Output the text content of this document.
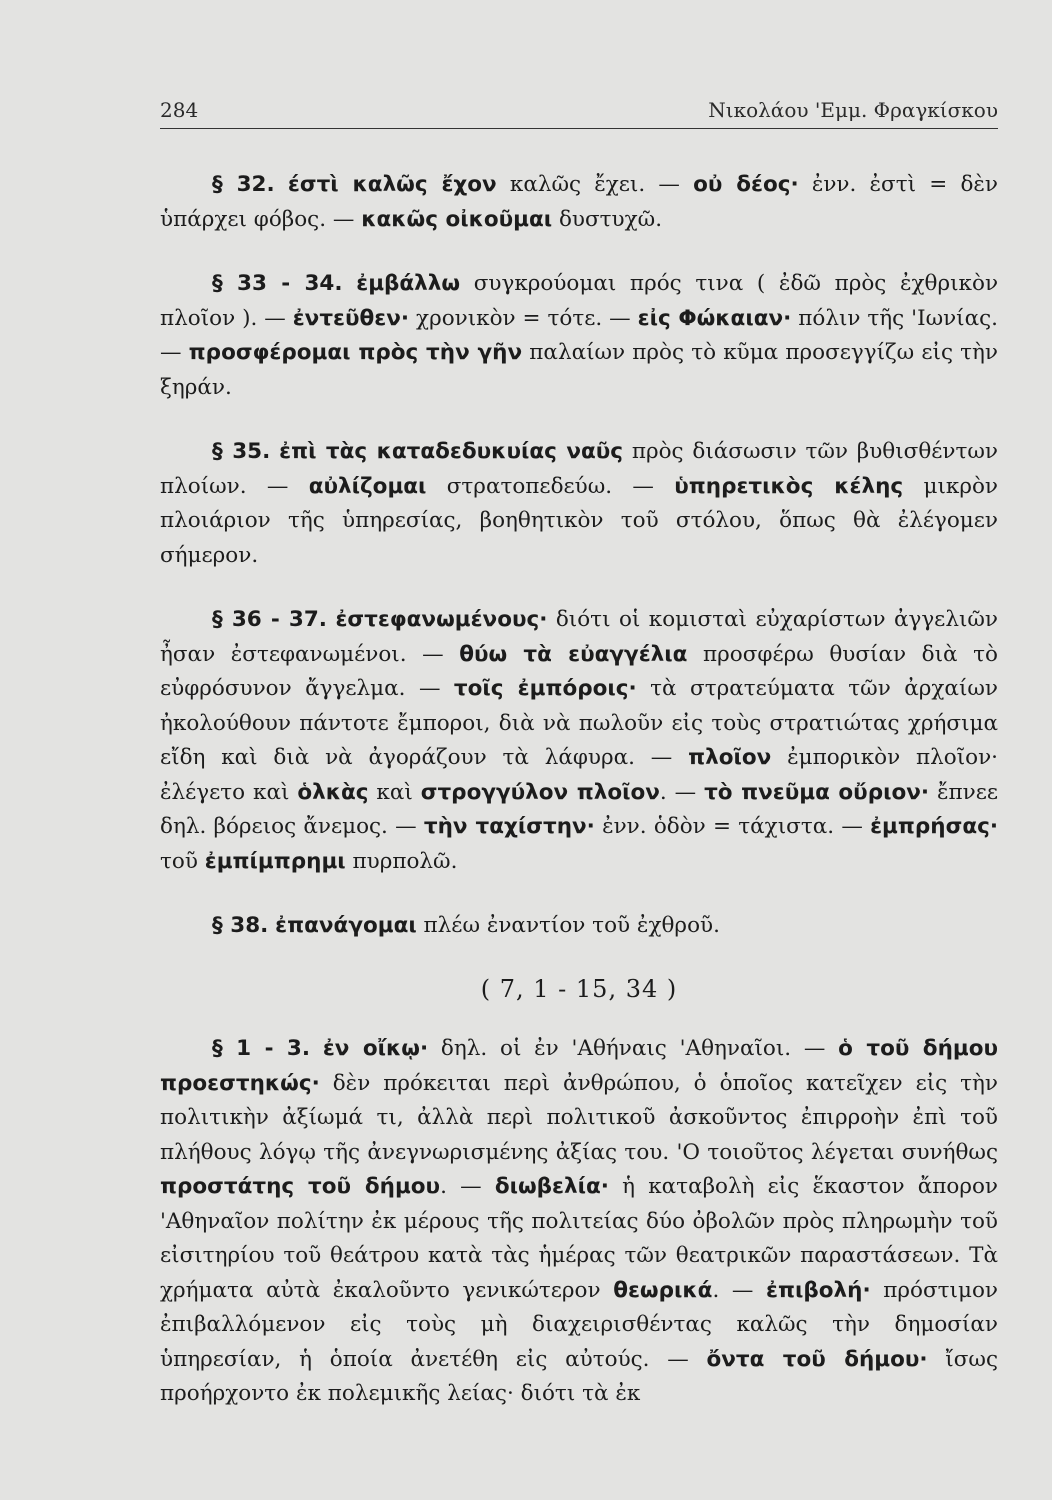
284	Νικολάου 'Εμμ. Φραγκίσκου

§ 32. έστὶ καλῶς ἔχον καλῶς ἔχει. — οὐ δέος· ἐνν. ἐστὶ = δὲν ὑπάρχει φόβος. — κακῶς οἰκοῦμαι δυστυχῶ.

§ 33 - 34. ἐμβάλλω συγκρούομαι πρός τινα ( ἐδῶ πρὸς ἐχθρικὸν πλοῖον ). — ἐντεῦθεν· χρονικὸν = τότε. — εἰς Φώκαιαν· πόλιν τῆς 'Ιωνίας. — προσφέρομαι πρὸς τὴν γῆν παλαίων πρὸς τὸ κῦμα προσεγγίζω εἰς τὴν ξηράν.

§ 35. ἐπὶ τὰς καταδεδυκυίας ναῦς πρὸς διάσωσιν τῶν βυθισθέντων πλοίων. — αὐλίζομαι στρατοπεδεύω. — ὑπηρετικὸς κέλης μικρὸν πλοιάριον τῆς ὑπηρεσίας, βοηθητικὸν τοῦ στόλου, ὅπως θὰ ἐλέγομεν σήμερον.

§ 36 - 37. ἐστεφανωμένους· διότι οἱ κομισταὶ εὐχαρίστων ἀγγελιῶν ἦσαν ἐστεφανωμένοι. — θύω τὰ εὐαγγέλια προσφέρω θυσίαν διὰ τὸ εὐφρόσυνον ἄγγελμα. — τοῖς ἐμπόροις· τὰ στρατεύματα τῶν ἀρχαίων ἠκολούθουν πάντοτε ἔμποροι, διὰ νὰ πωλοῦν εἰς τοὺς στρατιώτας χρήσιμα εἴδη καὶ διὰ νὰ ἀγοράζουν τὰ λάφυρα. — πλοῖον ἐμπορικὸν πλοῖον· ἐλέγετο καὶ ὁλκὰς καὶ στρογγύλον πλοῖον. — τὸ πνεῦμα οὔριον· ἔπνεε δηλ. βόρειος ἄνεμος. — τὴν ταχίστην· ἐνν. ὁδὸν = τάχιστα. — ἐμπρήσας· τοῦ ἐμπίμπρημι πυρπολῶ.

§ 38. ἐπανάγομαι πλέω ἐναντίον τοῦ ἐχθροῦ.

( 7, 1 - 15, 34 )

§ 1 - 3. ἐν οἴκῳ· δηλ. οἱ ἐν 'Αθήναις 'Αθηναῖοι. — ὁ τοῦ δήμου προεστηκώς· δὲν πρόκειται περὶ ἀνθρώπου, ὁ ὁποῖος κατεῖχεν εἰς τὴν πολιτικὴν ἀξίωμά τι, ἀλλὰ περὶ πολιτικοῦ ἀσκοῦντος ἐπιρροὴν ἐπὶ τοῦ πλήθους λόγῳ τῆς ἀνεγνωρισμένης ἀξίας του. 'Ο τοιοῦτος λέγεται συνήθως προστάτης τοῦ δήμου. — διωβελία· ἡ καταβολὴ εἰς ἕκαστον ἄπορον 'Αθηναῖον πολίτην ἐκ μέρους τῆς πολιτείας δύο ὀβολῶν πρὸς πληρωμὴν τοῦ εἰσιτηρίου τοῦ θεάτρου κατὰ τὰς ἡμέρας τῶν θεατρικῶν παραστάσεων. Τὰ χρήματα αὐτὰ ἐκαλοῦντο γενικώτερον θεωρικά. — ἐπιβολή· πρόστιμον ἐπιβαλλόμενον εἰς τοὺς μὴ διαχειρισθέντας καλῶς τὴν δημοσίαν ὑπηρεσίαν, ἡ ὁποία ἀνετέθη εἰς αὐτούς. — ὄντα τοῦ δήμου· ἴσως προήρχοντο ἐκ πολεμικῆς λείας· διότι τὰ ἐκ
